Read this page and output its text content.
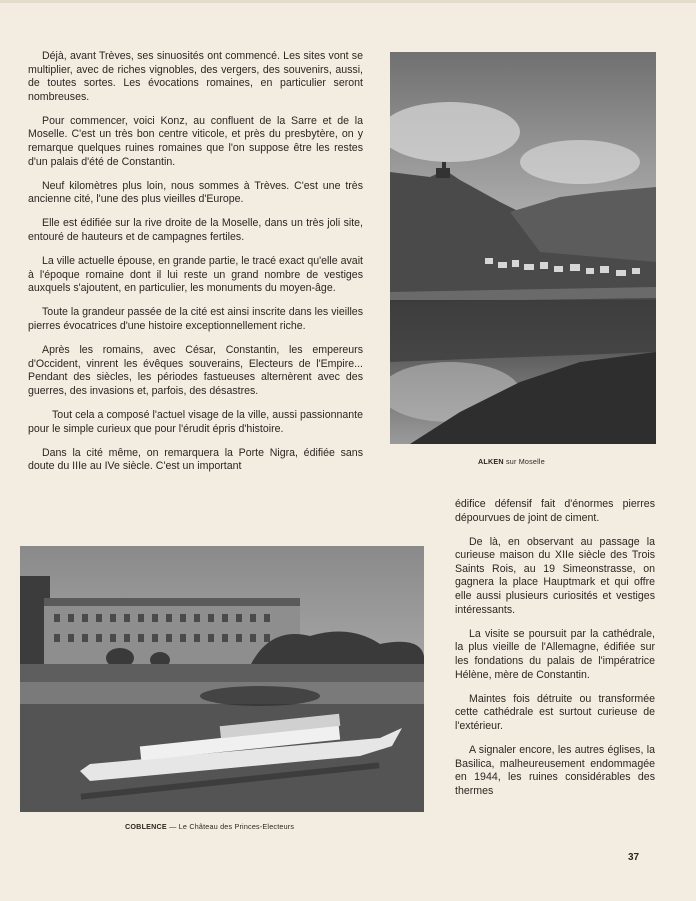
Déjà, avant Trèves, ses sinuosités ont commencé. Les sites vont se multiplier, avec de riches vignobles, des vergers, des souvenirs, aussi, de toutes sortes. Les évocations romaines, en particulier seront nombreuses.

Pour commencer, voici Konz, au confluent de la Sarre et de la Moselle. C'est un très bon centre viticole, et près du presbytère, on y remarque quelques ruines romaines que l'on suppose être les restes d'un palais d'été de Constantin.

Neuf kilomètres plus loin, nous sommes à Trèves. C'est une très ancienne cité, l'une des plus vieilles d'Europe.

Elle est édifiée sur la rive droite de la Moselle, dans un très joli site, entouré de hauteurs et de campagnes fertiles.

La ville actuelle épouse, en grande partie, le tracé exact qu'elle avait à l'époque romaine dont il lui reste un grand nombre de vestiges auxquels s'ajoutent, en particulier, les monuments du moyen-âge.

Toute la grandeur passée de la cité est ainsi inscrite dans les vieilles pierres évocatrices d'une histoire exceptionnellement riche.

Après les romains, avec César, Constantin, les empereurs d'Occident, vinrent les évêques souverains, Electeurs de l'Empire... Pendant des siècles, les périodes fastueuses alternèrent avec des guerres, des invasions et, parfois, des désastres.

Tout cela a composé l'actuel visage de la ville, aussi passionnante pour le simple curieux que pour l'érudit épris d'histoire.

Dans la cité même, on remarquera la Porte Nigra, édifiée sans doute du IIIe au IVe siècle. C'est un important	ALKEN sur Moselle
COBLENCE — Le Château des Princes-Electeurs

édifice défensif fait d'énormes pierres dépourvues de joint de ciment.

De là, en observant au passage la curieuse maison du XIIe siècle des Trois Saints Rois, au 19 Simeonstrasse, on gagnera la place Hauptmark et qui offre elle aussi plusieurs curiosités et vestiges intéressants.

La visite se poursuit par la cathédrale, la plus vieille de l'Allemagne, édifiée sur les fondations du palais de l'impératrice Hélène, mère de Constantin.

Maintes fois détruite ou transformée cette cathédrale est surtout curieuse de l'extérieur.

A signaler encore, les autres églises, la Basilica, malheureusement endommagée en 1944, les ruines considérables des thermes

37
